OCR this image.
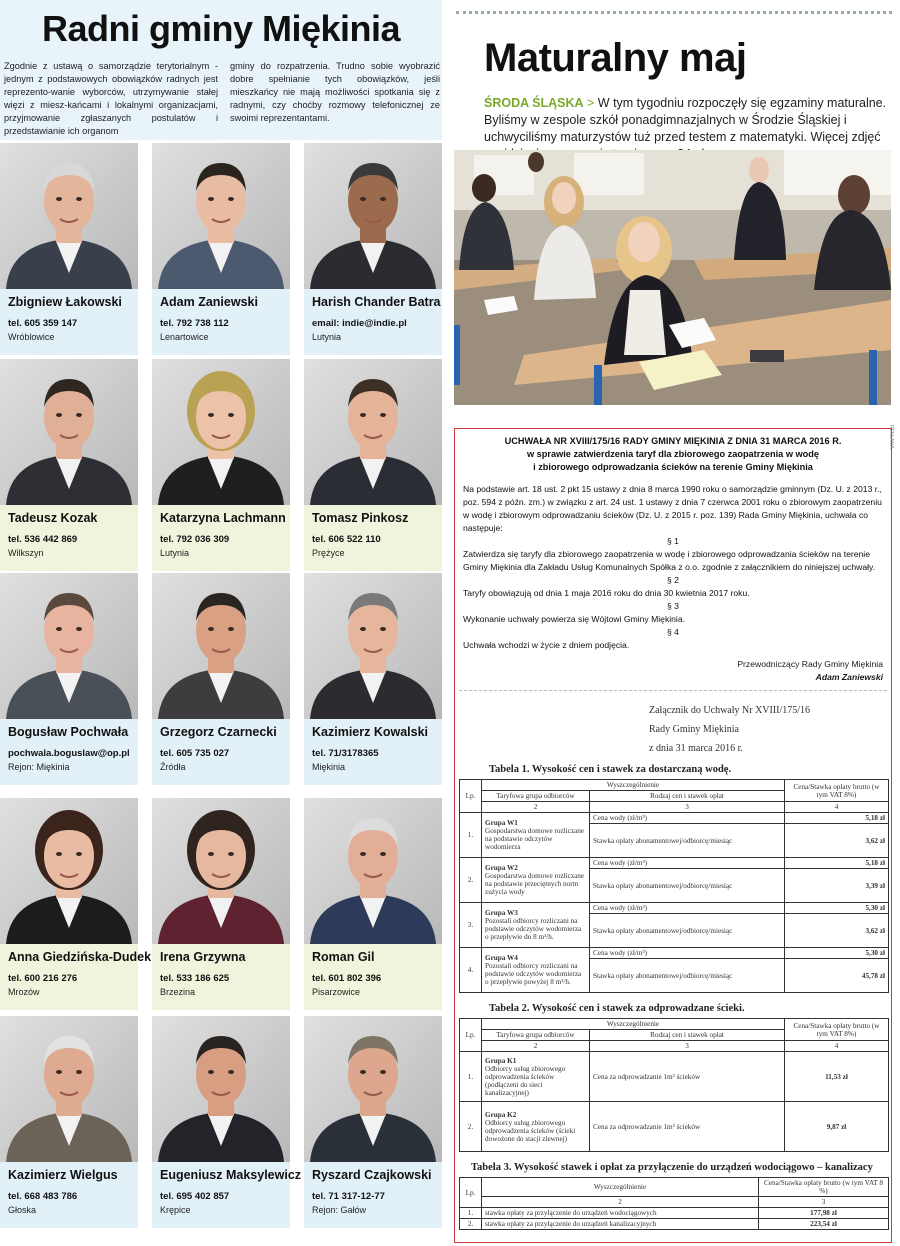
Radni gminy Miękinia
Zgodnie z ustawą o samorządzie terytorialnym - jednym z podstawowych obowiązków radnych jest reprezento-wanie wyborców, utrzymywanie stałej więzi z miesz-kańcami i lokalnymi organizacjami, przyjmowanie zgłaszanych postulatów i przedstawianie ich organom
gminy do rozpatrzenia. Trudno sobie wyobrazić dobre spełnianie tych obowiązków, jeśli mieszkańcy nie mają możliwości spotkania się z radnymi, czy choćby rozmowy telefonicznej ze swoimi reprezentantami.
Zbigniew Łakowski
tel. 605 359 147
Wróblowice
Adam Zaniewski
tel. 792 738 112
Lenartowice
Harish Chander Batra
email: indie@indie.pl
Lutynia
Tadeusz Kozak
tel. 536 442 869
Wilkszyn
Katarzyna Lachmann
tel. 792 036 309
Lutynia
Tomasz Pinkosz
tel. 606 522 110
Prężyce
Bogusław Pochwała
pochwala.boguslaw@op.pl
Rejon: Miękinia
Grzegorz Czarnecki
tel. 605 735 027
Źródła
Kazimierz Kowalski
tel. 71/3178365
Miękinia
Anna Giedzińska-Dudek
tel. 600 216 276
Mrozów
Irena Grzywna
tel. 533 186 625
Brzezina
Roman Gil
tel. 601 802 396
Pisarzowice
Kazimierz Wielgus
tel. 668 483 786
Głoska
Eugeniusz Maksylewicz
tel. 695 402 857
Krępice
Ryszard Czajkowski
tel. 71 317-12-77
Rejon: Gałów
Maturalny maj
ŚRODA ŚLĄSKA > W tym tygodniu rozpoczęły się egzaminy maturalne. Byliśmy w zespole szkół ponadgimnazjalnych w Środzie Śląskiej i uchwyciliśmy maturzystów tuż przed testem z matematyki. Więcej zdjęć
REKLAMA
UCHWAŁA NR XVIII/175/16 RADY GMINY MIĘKINIA Z DNIA 31 MARCA 2016 R.
w sprawie zatwierdzenia taryf dla zbiorowego zaopatrzenia w wodę
i zbiorowego odprowadzania ścieków na terenie Gminy Miękinia

Na podstawie art. 18 ust. 2 pkt 15 ustawy z dnia 8 marca 1990 roku o samorządzie gminnym (Dz. U. z 2013 r., poz. 594 z późn. zm.) w związku z art. 24 ust. 1 ustawy z dnia 7 czerwca 2001 roku o zbiorowym zaopatrzeniu w wodę i zbiorowym odprowadzaniu ścieków (Dz. U. z 2015 r. poz. 139) Rada Gminy Miękinia, uchwala co następuje:

§ 1

Zatwierdza się taryfy dla zbiorowego zaopatrzenia w wodę i zbiorowego odprowadzania ścieków na terenie Gminy Miękinia dla Zakładu Usług Komunalnych Spółka z o.o. zgodnie z załącznikiem do niniejszej uchwały.

§ 2

Taryfy obowiązują od dnia 1 maja 2016 roku do dnia 30 kwietnia 2017 roku.

§ 3

Wykonanie uchwały powierza się Wójtowi Gminy Miękinia.

§ 4

Uchwała wchodzi w życie z dniem podjęcia.

Przewodniczący Rady Gminy Miękinia
Adam Zaniewski
Załącznik do Uchwały Nr XVIII/175/16
Rady Gminy Miękinia
z dnia 31 marca 2016 r.
Tabela 1. Wysokość cen i stawek za dostarczaną wodę.
Lp.	Wyszczególnienie		Cena/Stawka opłaty brutto (w tym VAT 8%)
	Taryfowa grupa odbiorców	Rodzaj cen i stawek opłat	
	2	3	4
1.	Grupa W1
Gospodarstwa domowe rozliczane na podstawie odczytów wodomierza	Cena wody (zł/m³)	5,18 zł
		Stawka opłaty abonamentowej/odbiorcę/miesiąc	3,62 zł
2.	Grupa W2
Gospodarstwa domowe rozliczane na podstawie przeciętnych norm zużycia wody	Cena wody (zł/m³)	5,18 zł
		Stawka opłaty abonamentowej/odbiorcę/miesiąc	3,39 zł
3.	Grupa W3
Pozostali odbiorcy rozliczani na podstawie odczytów wodomierza o przepływie do 8 m³/h.	Cena wody (zł/m³)	5,30 zł
		Stawka opłaty abonamentowej/odbiorcę/miesiąc	3,62 zł
4.	Grupa W4
Pozostali odbiorcy rozliczani na podstawie odczytów wodomierza o przepływie powyżej 8 m³/h.	Cena wody (zł/m³)	5,30 zł
		Stawka opłaty abonamentowej/odbiorcę/miesiąc	45,78 zł
Tabela 2. Wysokość cen i stawek za odprowadzane ścieki.
Lp.	Wyszczególnienie		Cena/Stawka opłaty brutto (w tym VAT 8%)
	Taryfowa grupa odbiorców	Rodzaj cen i stawek opłat	
	2	3	4
1.	Grupa K1
Odbiorcy usług zbiorowego odprowadzenia ścieków (podłączeni do sieci kanalizacyjnej)	Cena za odprowadzanie 1m³ ścieków	11,53 zł
2.	Grupa K2
Odbiorcy usług zbiorowego odprowadzenia ścieków (ścieki dowożone do stacji zlewnej)	Cena za odprowadzanie 1m³ ścieków	9,87 zł
Tabela 3. Wysokość stawek i opłat za przyłączenie do urządzeń wodociągowo – kanalizacy
Lp.	Wyszczególnienie	Cena/Stawka opłaty brutto (w tym VAT 8 %)
	2	3
1.	stawka opłaty za przyłączenie do urządzeń wodociągowych	177,98 zł
2.	stawka opłaty za przyłączenie do urządzeń kanalizacyjnych	223,54 zł
